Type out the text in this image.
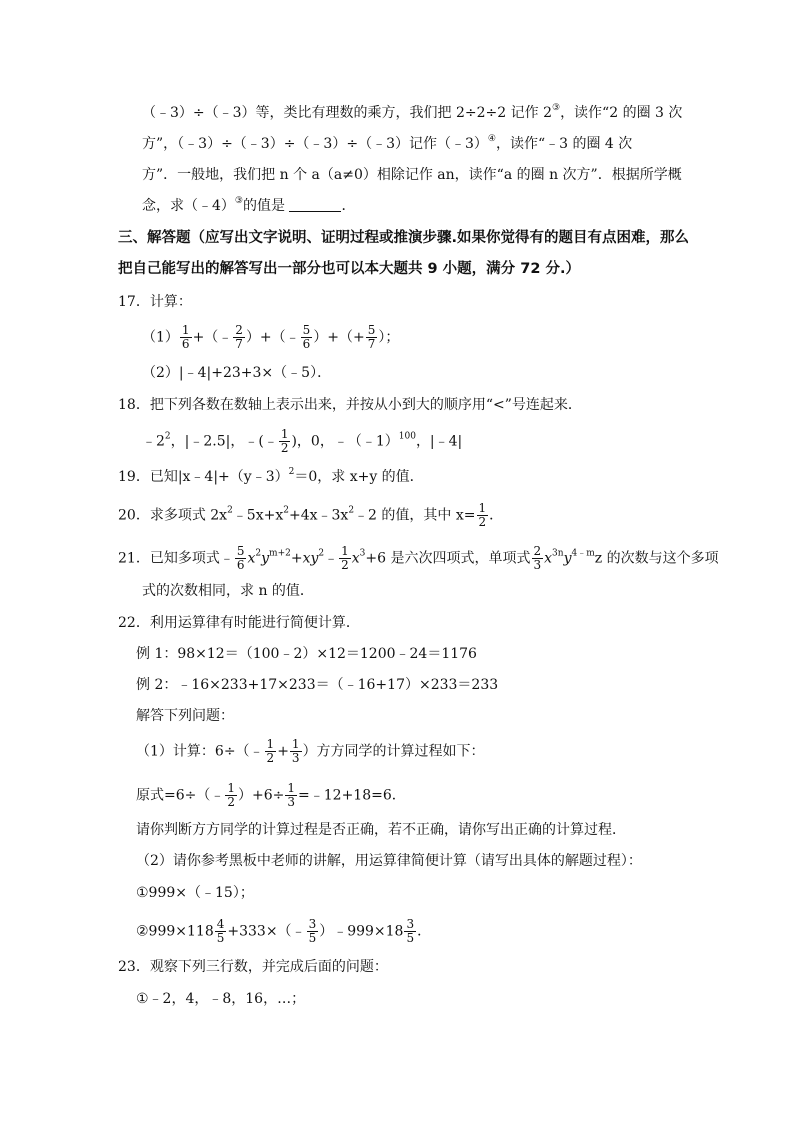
（﹣3）÷（﹣3）等，类比有理数的乘方，我们把 2÷2÷2 记作 2③，读作“2 的圈 3 次
方”，（﹣3）÷（﹣3）÷（﹣3）÷（﹣3）记作（﹣3）④，读作“﹣3 的圈 4 次
方”．一般地，我们把 n 个 a（a≠0）相除记作 an，读作“a 的圈 n 次方”．根据所学概
念，求（﹣4）③的值是	．
三、解答题（应写出文字说明、证明过程或推演步骤.如果你觉得有的题目有点困难，那么
把自己能写出的解答写出一部分也可以本大题共 9 小题，满分 72 分.）
17．计算：
$(1) \frac{1}{6}$ +（﹣ $\frac{2}{7}$ ）+（﹣ $\frac{5}{6}$ ）+（+ $\frac{5}{7}$ ）；
（2）|﹣4|+23+3×（﹣5）．
18．把下列各数在数轴上表示出来，并按从小到大的顺序用“<”号连起来．
$﹣2^2$，|﹣2.5|，﹣(﹣ $\frac{1}{2}$ )，0，﹣（﹣1）$^{100}$，|﹣4|
19．已知|x﹣4|+（y﹣3）$^2$＝0，求 x+y 的值．
20．求多项式 $2x^2﹣5x+x^2+4x﹣3x^2﹣2$ 的值，其中 $x= \frac{1}{2}$ ．
21．已知多项式﹣ $\frac{5}{6}$ $x^2y^{m+2}+xy^2﹣ \frac{1}{2} x^3+6$ 是六次四项式，单项式 $\frac{2}{3} x^{3n}y^{4﹣m}z$ 的次数与这个多项
式的次数相同，求 n 的值．
22．利用运算律有时能进行简便计算．
例 1：98×12＝（100﹣2）×12＝1200﹣24＝1176
例 2：﹣16×233+17×233＝（﹣16+17）×233＝233
解答下列问题：
（1）计算：6÷（﹣ $\frac{1}{2} + \frac{1}{3}$ ）方方同学的计算过程如下：
原式=6÷（﹣ $\frac{1}{2} )+6\div \frac{1}{3}$ =﹣12+18=6．
请你判断方方同学的计算过程是否正确，若不正确，请你写出正确的计算过程．
（2）请你参考黑板中老师的讲解，用运算律简便计算（请写出具体的解题过程）：
①999×（﹣15）；
②999×118 $\frac{4}{5}$ +333×（﹣ $\frac{3}{5}$ ）﹣999×18 $\frac{3}{5}$ ．
23．观察下列三行数，并完成后面的问题：
①﹣2，4，﹣8，16，…；
